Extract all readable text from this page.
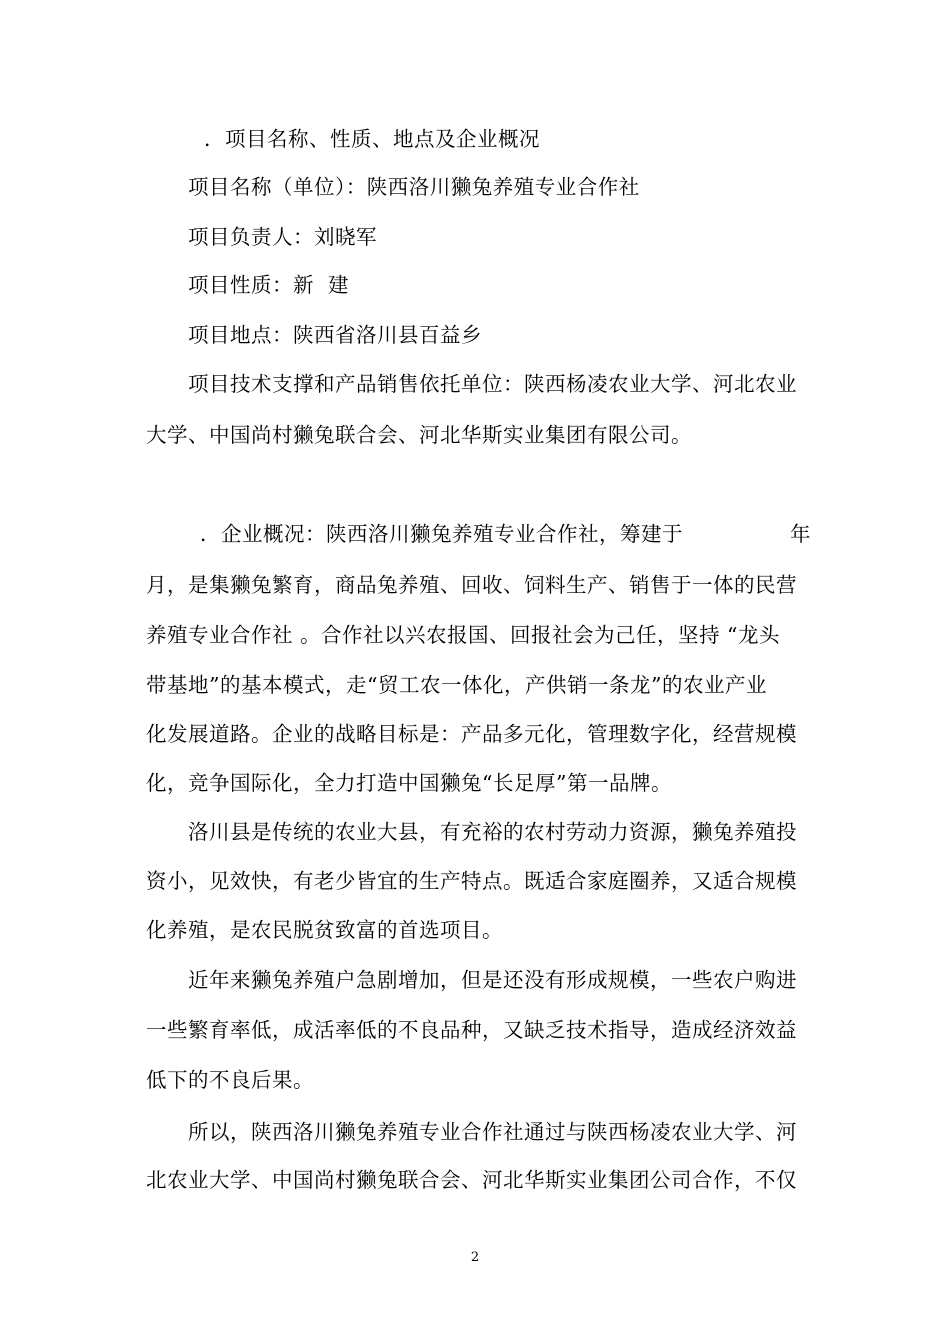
．项目名称、性质、地点及企业概况
项目名称（单位）：陕西洛川獭兔养殖专业合作社
项目负责人：刘晓军
项目性质：新  建
项目地点：陕西省洛川县百益乡
项目技术支撑和产品销售依托单位：陕西杨凌农业大学、河北农业
大学、中国尚村獭兔联合会、河北华斯实业集团有限公司。
．企业概况：陕西洛川獭兔养殖专业合作社，筹建于	年
月，是集獭兔繁育，商品兔养殖、回收、饲料生产、销售于一体的民营
养殖专业合作社 。合作社以兴农报国、回报社会为己任，坚持 “龙头
带基地”的基本模式，走“贸工农一体化，产供销一条龙”的农业产业
化发展道路。企业的战略目标是：产品多元化，管理数字化，经营规模
化，竞争国际化，全力打造中国獭兔“长足厚”第一品牌。
洛川县是传统的农业大县，有充裕的农村劳动力资源，獭兔养殖投
资小，见效快，有老少皆宜的生产特点。既适合家庭圈养，又适合规模
化养殖，是农民脱贫致富的首选项目。
近年来獭兔养殖户急剧增加，但是还没有形成规模，一些农户购进
一些繁育率低，成活率低的不良品种，又缺乏技术指导，造成经济效益
低下的不良后果。
所以，陕西洛川獭兔养殖专业合作社通过与陕西杨凌农业大学、河
北农业大学、中国尚村獭兔联合会、河北华斯实业集团公司合作，不仅
2
